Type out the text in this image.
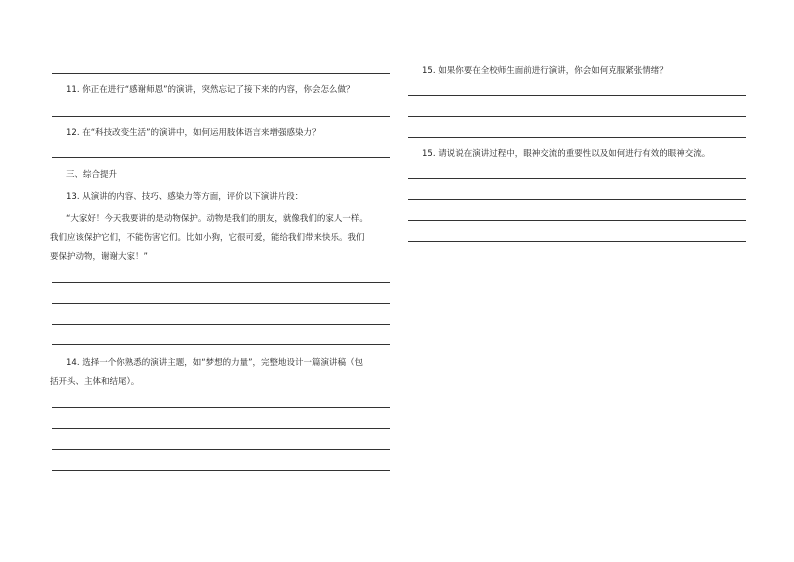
11. 你正在进行“感谢师恩”的演讲，突然忘记了接下来的内容，你会怎么做？
12. 在“科技改变生活”的演讲中，如何运用肢体语言来增强感染力？
三、综合提升
13. 从演讲的内容、技巧、感染力等方面，评价以下演讲片段：
“大家好！今天我要讲的是动物保护。动物是我们的朋友，就像我们的家人一样。
我们应该保护它们，不能伤害它们。比如小狗，它很可爱，能给我们带来快乐。我们
要保护动物，谢谢大家！”
14. 选择一个你熟悉的演讲主题，如“梦想的力量”，完整地设计一篇演讲稿（包
括开头、主体和结尾）。
15. 如果你要在全校师生面前进行演讲，你会如何克服紧张情绪？
15. 请说说在演讲过程中，眼神交流的重要性以及如何进行有效的眼神交流。
